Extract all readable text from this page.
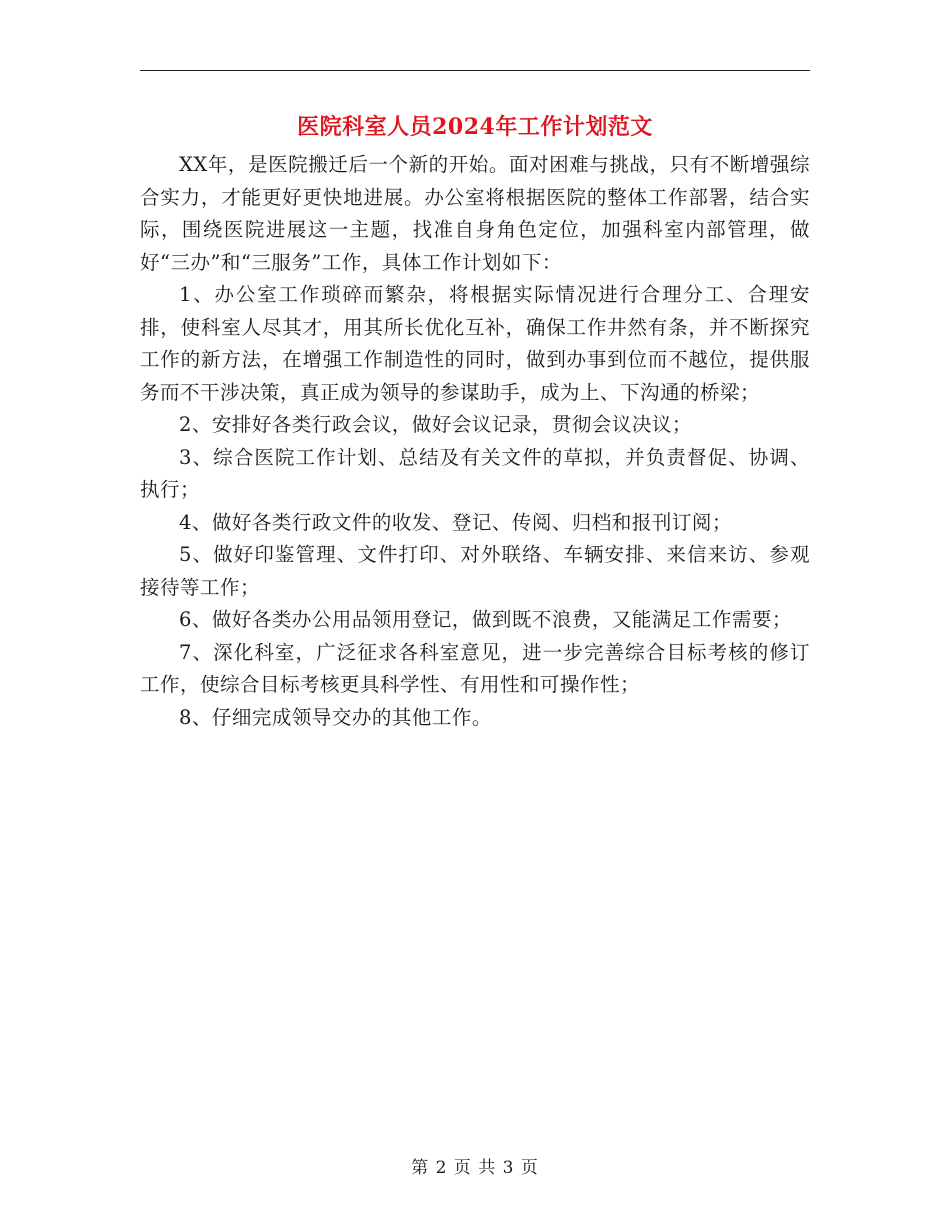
医院科室人员2024年工作计划范文

XX年，是医院搬迁后一个新的开始。面对困难与挑战，只有不断增强综合实力，才能更好更快地进展。办公室将根据医院的整体工作部署，结合实际，围绕医院进展这一主题，找准自身角色定位，加强科室内部管理，做好“三办”和“三服务”工作，具体工作计划如下：

1、办公室工作琐碎而繁杂，将根据实际情况进行合理分工、合理安排，使科室人尽其才，用其所长优化互补，确保工作井然有条，并不断探究工作的新方法，在增强工作制造性的同时，做到办事到位而不越位，提供服务而不干涉决策，真正成为领导的参谋助手，成为上、下沟通的桥梁；

2、安排好各类行政会议，做好会议记录，贯彻会议决议；

3、综合医院工作计划、总结及有关文件的草拟，并负责督促、协调、执行；

4、做好各类行政文件的收发、登记、传阅、归档和报刊订阅；

5、做好印鉴管理、文件打印、对外联络、车辆安排、来信来访、参观接待等工作；

6、做好各类办公用品领用登记，做到既不浪费，又能满足工作需要；

7、深化科室，广泛征求各科室意见，进一步完善综合目标考核的修订工作，使综合目标考核更具科学性、有用性和可操作性；

8、仔细完成领导交办的其他工作。

第 2 页 共 3 页
